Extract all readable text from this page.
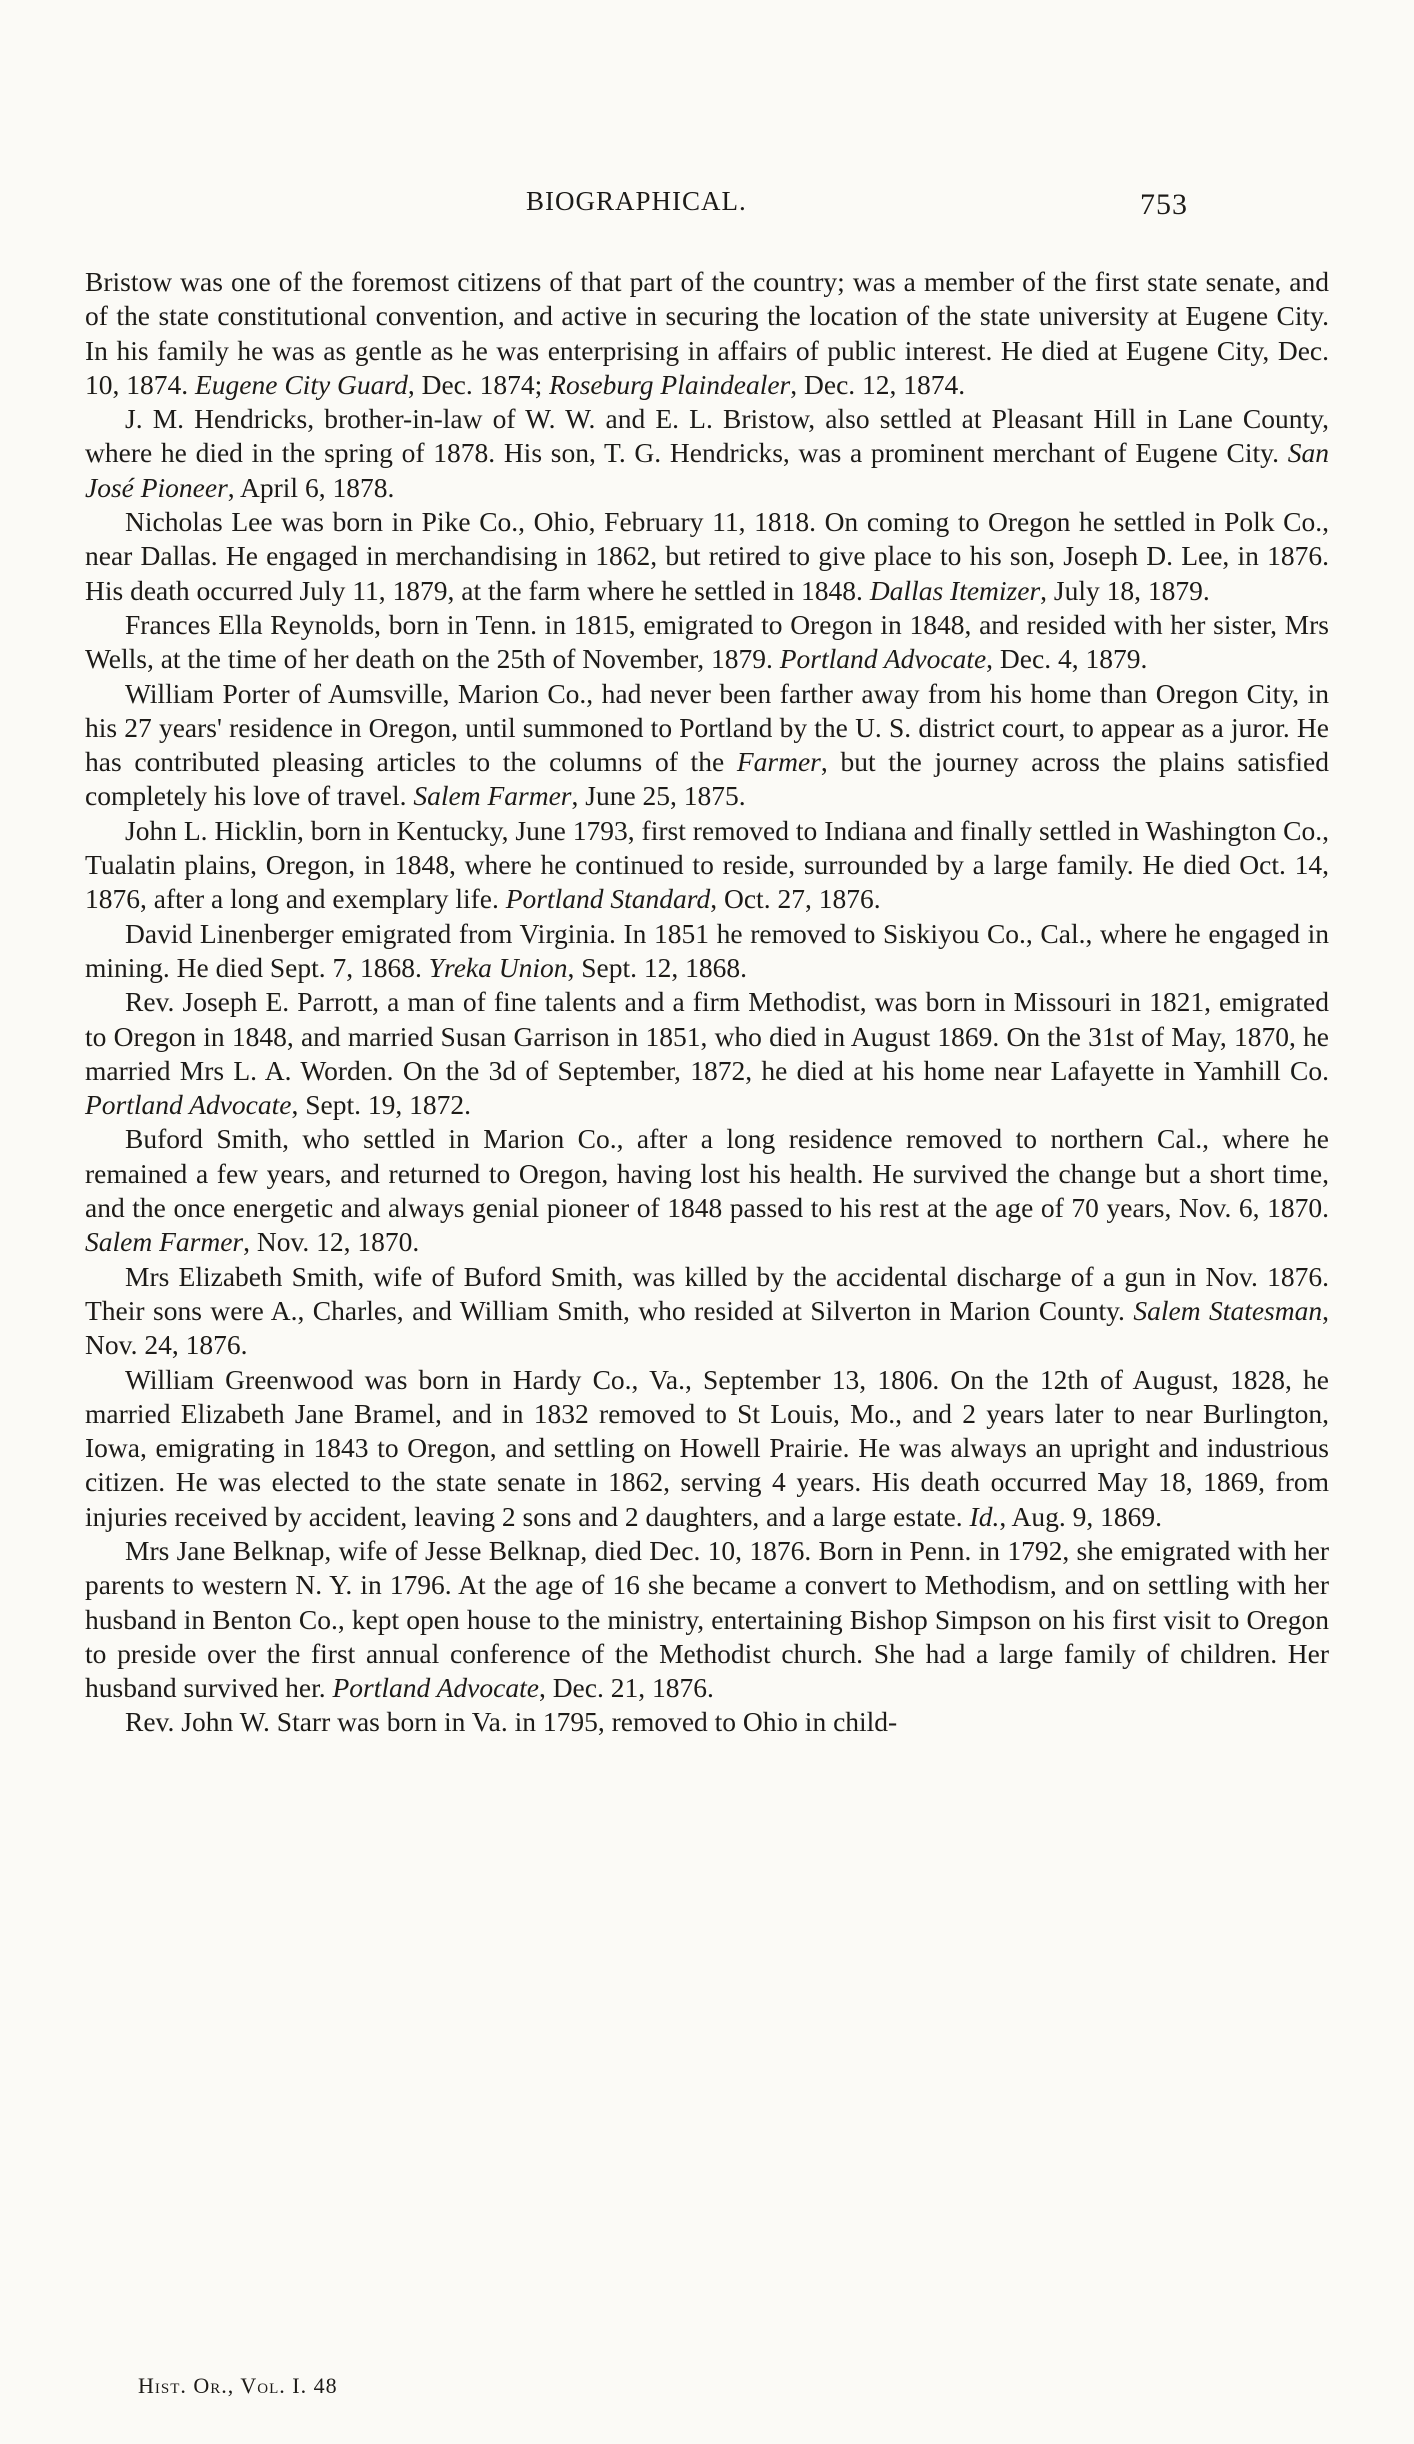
BIOGRAPHICAL.	753

Bristow was one of the foremost citizens of that part of the country; was a member of the first state senate, and of the state constitutional convention, and active in securing the location of the state university at Eugene City. In his family he was as gentle as he was enterprising in affairs of public interest. He died at Eugene City, Dec. 10, 1874. Eugene City Guard, Dec. 1874; Roseburg Plaindealer, Dec. 12, 1874.

J. M. Hendricks, brother-in-law of W. W. and E. L. Bristow, also settled at Pleasant Hill in Lane County, where he died in the spring of 1878. His son, T. G. Hendricks, was a prominent merchant of Eugene City. San José Pioneer, April 6, 1878.

Nicholas Lee was born in Pike Co., Ohio, February 11, 1818. On coming to Oregon he settled in Polk Co., near Dallas. He engaged in merchandising in 1862, but retired to give place to his son, Joseph D. Lee, in 1876. His death occurred July 11, 1879, at the farm where he settled in 1848. Dallas Itemizer, July 18, 1879.

Frances Ella Reynolds, born in Tenn. in 1815, emigrated to Oregon in 1848, and resided with her sister, Mrs Wells, at the time of her death on the 25th of November, 1879. Portland Advocate, Dec. 4, 1879.

William Porter of Aumsville, Marion Co., had never been farther away from his home than Oregon City, in his 27 years' residence in Oregon, until summoned to Portland by the U. S. district court, to appear as a juror. He has contributed pleasing articles to the columns of the Farmer, but the journey across the plains satisfied completely his love of travel. Salem Farmer, June 25, 1875.

John L. Hicklin, born in Kentucky, June 1793, first removed to Indiana and finally settled in Washington Co., Tualatin plains, Oregon, in 1848, where he continued to reside, surrounded by a large family. He died Oct. 14, 1876, after a long and exemplary life. Portland Standard, Oct. 27, 1876.

David Linenberger emigrated from Virginia. In 1851 he removed to Siskiyou Co., Cal., where he engaged in mining. He died Sept. 7, 1868. Yreka Union, Sept. 12, 1868.

Rev. Joseph E. Parrott, a man of fine talents and a firm Methodist, was born in Missouri in 1821, emigrated to Oregon in 1848, and married Susan Garrison in 1851, who died in August 1869. On the 31st of May, 1870, he married Mrs L. A. Worden. On the 3d of September, 1872, he died at his home near Lafayette in Yamhill Co. Portland Advocate, Sept. 19, 1872.

Buford Smith, who settled in Marion Co., after a long residence removed to northern Cal., where he remained a few years, and returned to Oregon, having lost his health. He survived the change but a short time, and the once energetic and always genial pioneer of 1848 passed to his rest at the age of 70 years, Nov. 6, 1870. Salem Farmer, Nov. 12, 1870.

Mrs Elizabeth Smith, wife of Buford Smith, was killed by the accidental discharge of a gun in Nov. 1876. Their sons were A., Charles, and William Smith, who resided at Silverton in Marion County. Salem Statesman, Nov. 24, 1876.

William Greenwood was born in Hardy Co., Va., September 13, 1806. On the 12th of August, 1828, he married Elizabeth Jane Bramel, and in 1832 removed to St Louis, Mo., and 2 years later to near Burlington, Iowa, emigrating in 1843 to Oregon, and settling on Howell Prairie. He was always an upright and industrious citizen. He was elected to the state senate in 1862, serving 4 years. His death occurred May 18, 1869, from injuries received by accident, leaving 2 sons and 2 daughters, and a large estate. Id., Aug. 9, 1869.

Mrs Jane Belknap, wife of Jesse Belknap, died Dec. 10, 1876. Born in Penn. in 1792, she emigrated with her parents to western N. Y. in 1796. At the age of 16 she became a convert to Methodism, and on settling with her husband in Benton Co., kept open house to the ministry, entertaining Bishop Simpson on his first visit to Oregon to preside over the first annual conference of the Methodist church. She had a large family of children. Her husband survived her. Portland Advocate, Dec. 21, 1876.

Rev. John W. Starr was born in Va. in 1795, removed to Ohio in child-

Hist. Or., Vol. I. 48
